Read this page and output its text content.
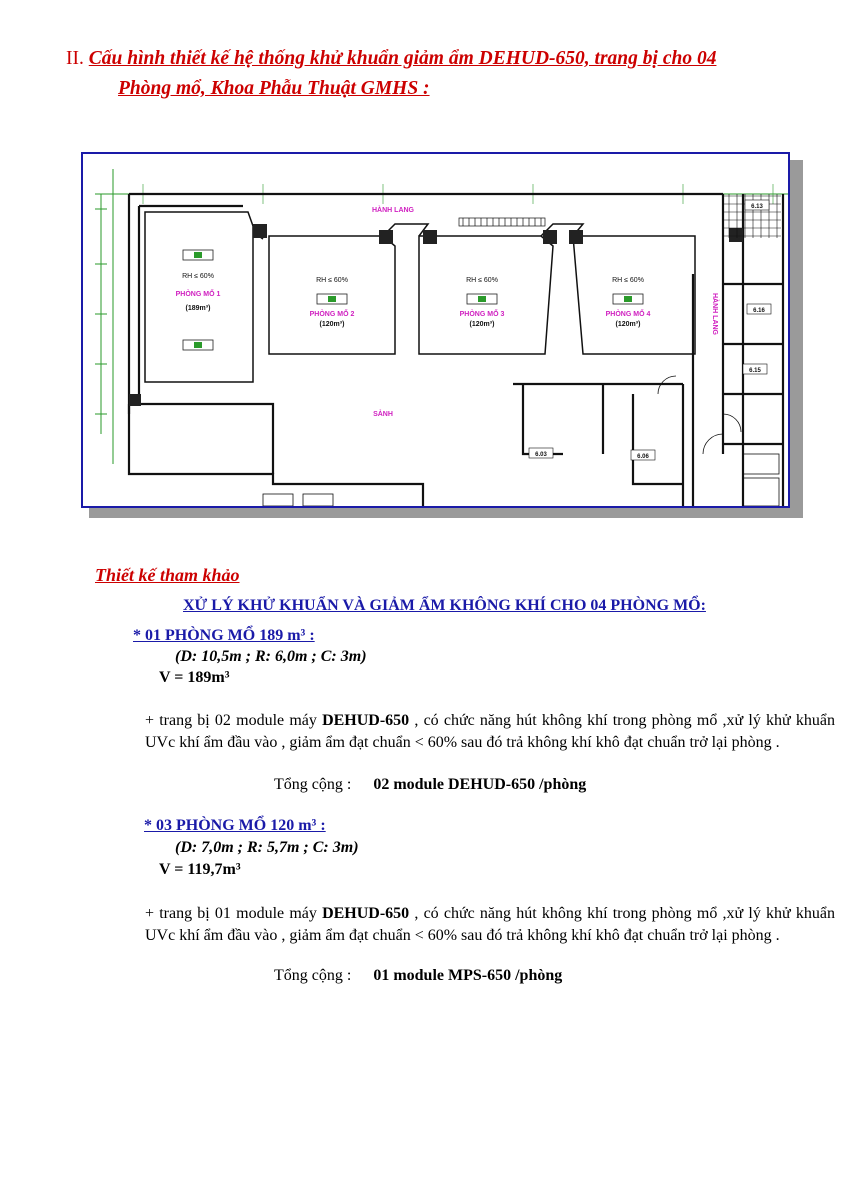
II. Cấu hình thiết kế hệ thống khử khuẩn giảm ẩm DEHUD-650, trang bị cho 04
Phòng mổ, Khoa Phẫu Thuật GMHS :
HÀNH LANG
SẢNH
HÀNH LANG
RH ≤ 60%
PHÒNG MỔ 1
(189m³)
RH ≤ 60%
PHÒNG MỔ 2
(120m³)
RH ≤ 60%
PHÒNG MỔ 3
(120m³)
RH ≤ 60%
PHÒNG MỔ 4
(120m³)
6.13
6.16
6.15
6.03	6.06
Thiết kế tham khảo
XỬ LÝ KHỬ KHUẨN VÀ GIẢM ẨM KHÔNG KHÍ CHO 04 PHÒNG MỔ:
* 01 PHÒNG MỔ 189 m³ :
(D: 10,5m ; R: 6,0m ; C: 3m)
V = 189m³
+ trang bị 02 module máy DEHUD-650 , có chức năng hút không khí trong phòng mổ ,xử lý khử khuẩn UVc khí ẩm đầu vào , giảm ẩm đạt chuẩn < 60% sau đó trả không khí khô đạt chuẩn trở lại phòng .
Tổng cộng : 02 module DEHUD-650 /phòng
* 03 PHÒNG MỔ 120 m³ :
(D: 7,0m ; R: 5,7m ; C: 3m)
V = 119,7m³
+ trang bị 01 module máy DEHUD-650 , có chức năng hút không khí trong phòng mổ ,xử lý khử khuẩn UVc khí ẩm đầu vào , giảm ẩm đạt chuẩn < 60% sau đó trả không khí khô đạt chuẩn trở lại phòng .
Tổng cộng : 01 module MPS-650 /phòng
